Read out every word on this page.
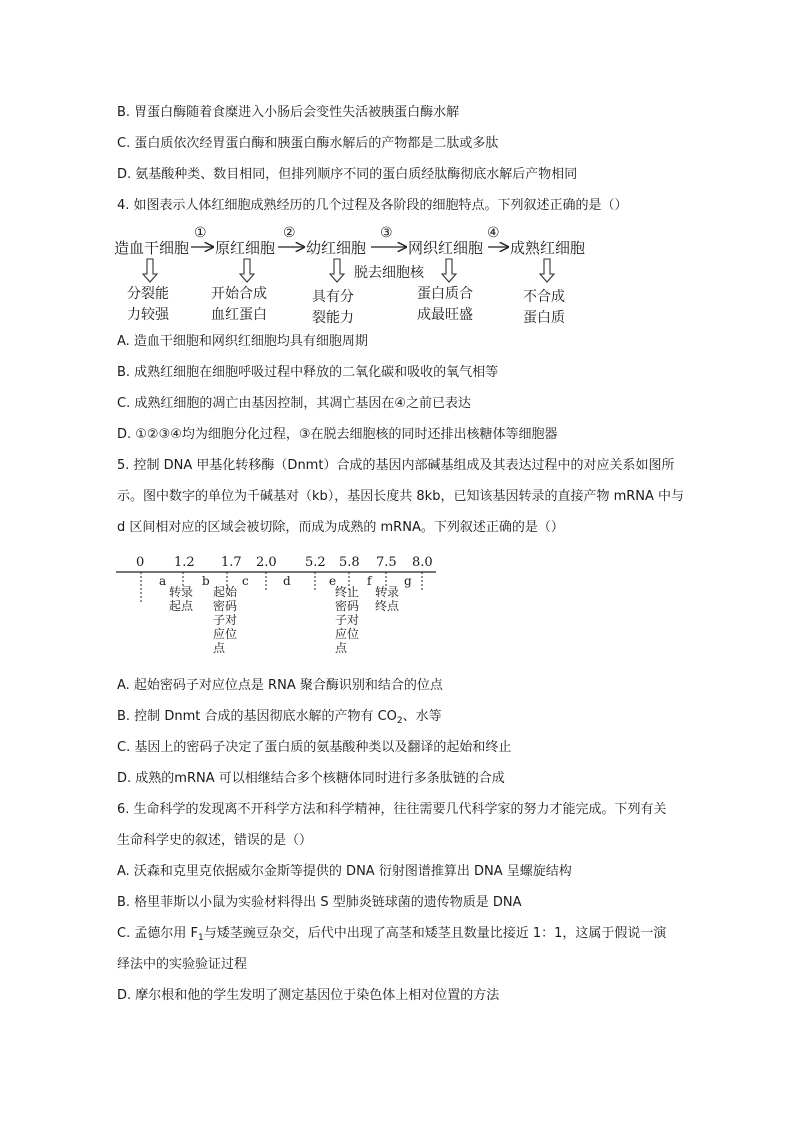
B. 胃蛋白酶随着食糜进入小肠后会变性失活被胰蛋白酶水解
C. 蛋白质依次经胃蛋白酶和胰蛋白酶水解后的产物都是二肽或多肽
D. 氨基酸种类、数目相同，但排列顺序不同的蛋白质经肽酶彻底水解后产物相同
4. 如图表示人体红细胞成熟经历的几个过程及各阶段的细胞特点。下列叙述正确的是（）
造血干细胞 原红细胞 幼红细胞	网织红细胞 成熟红细胞
①	②	③	④
脱去细胞核
分裂能
力较强
开始合成
血红蛋白
具有分
裂能力
蛋白质合
成最旺盛
不合成
蛋白质
A. 造血干细胞和网织红细胞均具有细胞周期
B. 成熟红细胞在细胞呼吸过程中释放的二氧化碳和吸收的氧气相等
C. 成熟红细胞的凋亡由基因控制，其凋亡基因在④之前已表达
D. ①②③④均为细胞分化过程，③在脱去细胞核的同时还排出核糖体等细胞器
5. 控制 DNA 甲基化转移酶（Dnmt）合成的基因内部碱基组成及其表达过程中的对应关系如图所
示。图中数字的单位为千碱基对（kb），基因长度共 8kb，已知该基因转录的直接产物 mRNA 中与
d 区间相对应的区域会被切除，而成为成熟的 mRNA。下列叙述正确的是（）
0 1.2 1.7 2.0 5.2 5.8 7.5 8.0
a	b	c	d	e	f	g
转录
起点
起始
密码
子对
应位
点
终止
密码
子对
应位
点
转录
终点
A. 起始密码子对应位点是 RNA 聚合酶识别和结合的位点
B. 控制 Dnmt 合成的基因彻底水解的产物有 $CO_2$、水等
C. 基因上的密码子决定了蛋白质的氨基酸种类以及翻译的起始和终止
D. 成熟的mRNA 可以相继结合多个核糖体同时进行多条肽链的合成
6. 生命科学的发现离不开科学方法和科学精神，往往需要几代科学家的努力才能完成。下列有关
生命科学史的叙述，错误的是（）
A. 沃森和克里克依据威尔金斯等提供的 DNA 衍射图谱推算出 DNA 呈螺旋结构
B. 格里菲斯以小鼠为实验材料得出 S 型肺炎链球菌的遗传物质是 DNA
C. 孟德尔用 $F_1$与矮茎豌豆杂交，后代中出现了高茎和矮茎且数量比接近 1：1，这属于假说一演
绎法中的实验验证过程
D. 摩尔根和他的学生发明了测定基因位于染色体上相对位置的方法
